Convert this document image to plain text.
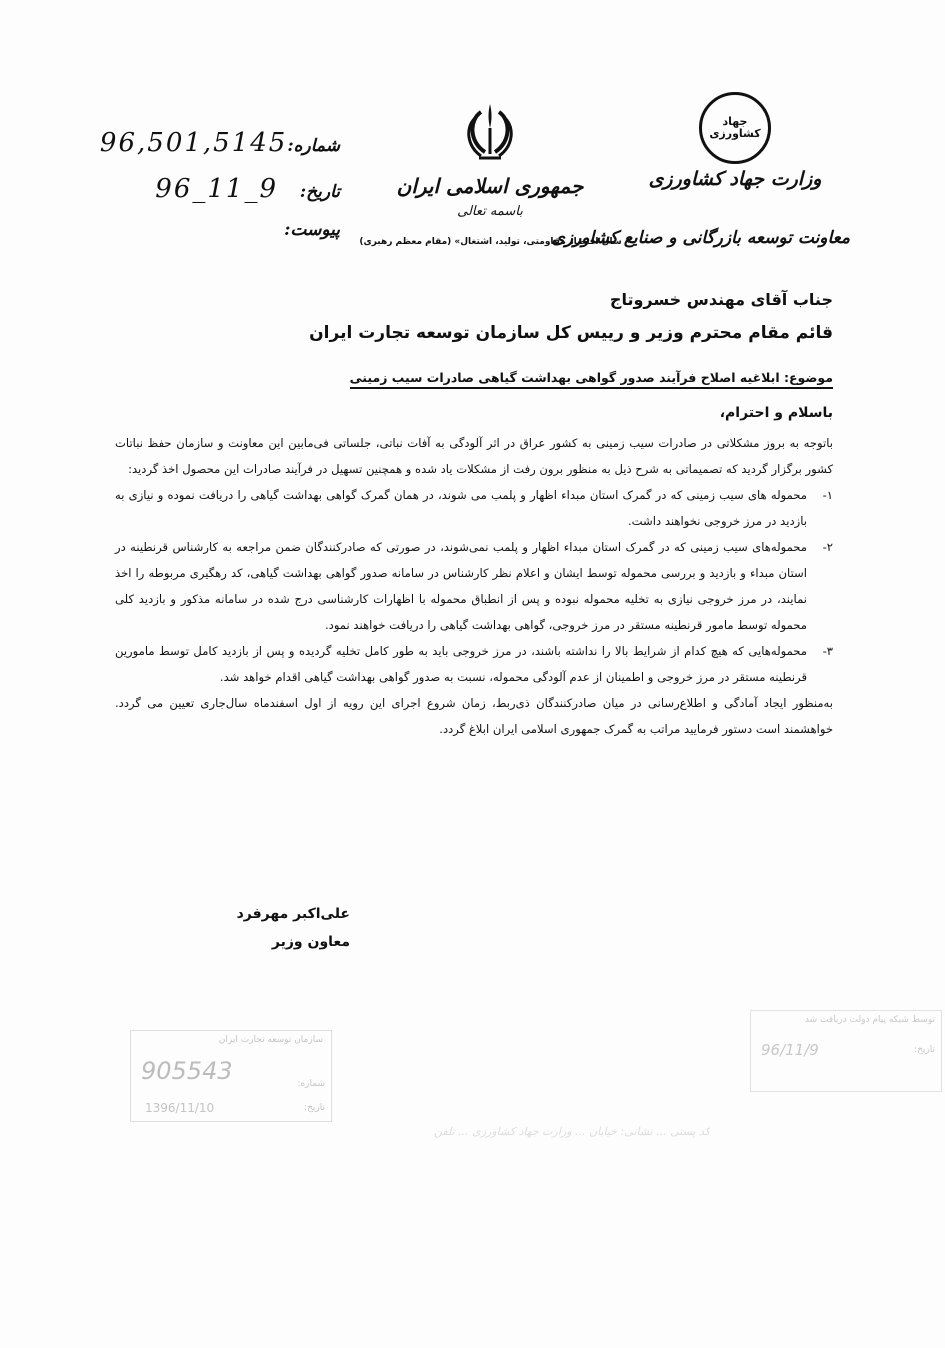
جهاد کشاورزی
وزارت جهاد کشاورزی
معاونت توسعه بازرگانی و صنایع کشاورزی
جمهوری اسلامی ایران
باسمه تعالی
« سال اقتصاد مقاومتی، تولید، اشتغال» (مقام معظم رهبری)
شماره:
96,501,5145
تاریخ:
96_11_9
پیوست:
جناب آقای مهندس خسروتاج
قائم مقام محترم وزیر و رییس کل سازمان توسعه تجارت ایران
موضوع: ابلاغیه اصلاح فرآیند صدور گواهی بهداشت گیاهی صادرات سیب زمینی
باسلام و احترام،

باتوجه به بروز مشکلاتی در صادرات سیب زمینی به کشور عراق در اثر آلودگی به آفات نباتی، جلساتی فی‌مابین این معاونت و سازمان حفظ نباتات کشور برگزار گردید که تصمیماتی به شرح ذیل به منظور برون رفت از مشکلات یاد شده و همچنین تسهیل در فرآیند صادرات این محصول اخذ گردید:

۱-
محموله های سیب زمینی که در گمرک استان مبداء اظهار و پلمب می شوند، در همان گمرک گواهی بهداشت گیاهی را دریافت نموده و نیازی به بازدید در مرز خروجی نخواهند داشت.
۲-
محموله‌های سیب زمینی که در گمرک استان مبداء اظهار و پلمب نمی‌شوند، در صورتی که صادرکنندگان ضمن مراجعه به کارشناس قرنطینه در استان مبداء و بازدید و بررسی محموله توسط ایشان و اعلام نظر کارشناس در سامانه صدور گواهی بهداشت گیاهی، کد رهگیری مربوطه را اخذ نمایند، در مرز خروجی نیازی به تخلیه محموله نبوده و پس از انطباق محموله با اظهارات کارشناسی درج شده در سامانه مذکور و بازدید کلی محموله توسط مامور قرنطینه مستقر در مرز خروجی، گواهی بهداشت گیاهی را دریافت خواهند نمود.
۳-
محموله‌هایی که هیچ کدام از شرایط بالا را نداشته باشند، در مرز خروجی باید به طور کامل تخلیه گردیده و پس از بازدید کامل توسط مامورین قرنطینه مستقر در مرز خروجی و اطمینان از عدم آلودگی محموله، نسبت به صدور گواهی بهداشت گیاهی اقدام خواهد شد.

به‌منظور ایجاد آمادگی و اطلاع‌رسانی در میان صادرکنندگان ذی‌ربط، زمان شروع اجرای این رویه از اول اسفندماه سال‌جاری تعیین می گردد. خواهشمند است دستور فرمایید مراتب به گمرک جمهوری اسلامی ایران ابلاغ گردد.

علی‌اکبر مهرفرد
معاون وزیر
سازمان توسعه تجارت ایران
905543	شماره:
تاریخ:
1396/11/10
توسط شبکه پیام دولت دریافت شد
تاریخ:
96/11/9
کد پستی ... نشانی: خیابان ... وزارت جهاد کشاورزی ... تلفن
